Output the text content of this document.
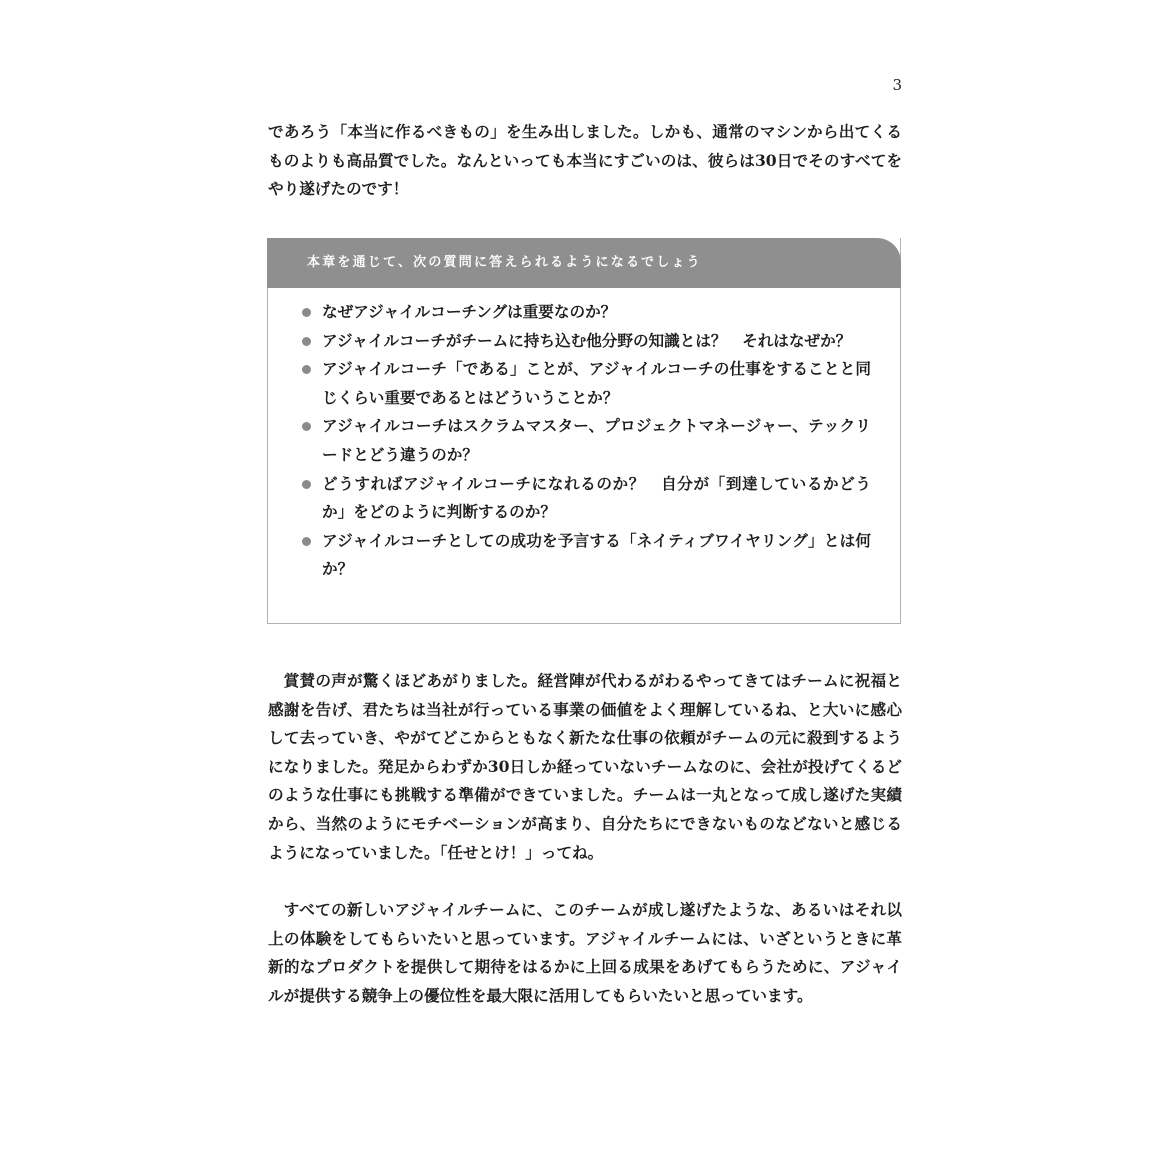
3

であろう「本当に作るべきもの」を生み出しました。しかも、通常のマシンから出てくるものよりも高品質でした。なんといっても本当にすごいのは、彼らは30日でそのすべてをやり遂げたのです！

本章を通じて、次の質問に答えられるようになるでしょう
なぜアジャイルコーチングは重要なのか？
アジャイルコーチがチームに持ち込む他分野の知識とは？　それはなぜか？
アジャイルコーチ「である」ことが、アジャイルコーチの仕事をすることと同じくらい重要であるとはどういうことか？
アジャイルコーチはスクラムマスター、プロジェクトマネージャー、テックリードとどう違うのか？
どうすればアジャイルコーチになれるのか？　自分が「到達しているかどうか」をどのように判断するのか？
アジャイルコーチとしての成功を予言する「ネイティブワイヤリング」とは何か？

賞賛の声が驚くほどあがりました。経営陣が代わるがわるやってきてはチームに祝福と感謝を告げ、君たちは当社が行っている事業の価値をよく理解しているね、と大いに感心して去っていき、やがてどこからともなく新たな仕事の依頼がチームの元に殺到するようになりました。発足からわずか30日しか経っていないチームなのに、会社が投げてくるどのような仕事にも挑戦する準備ができていました。チームは一丸となって成し遂げた実績から、当然のようにモチベーションが高まり、自分たちにできないものなどないと感じるようになっていました。「任せとけ！」ってね。

すべての新しいアジャイルチームに、このチームが成し遂げたような、あるいはそれ以上の体験をしてもらいたいと思っています。アジャイルチームには、いざというときに革新的なプロダクトを提供して期待をはるかに上回る成果をあげてもらうために、アジャイルが提供する競争上の優位性を最大限に活用してもらいたいと思っています。
